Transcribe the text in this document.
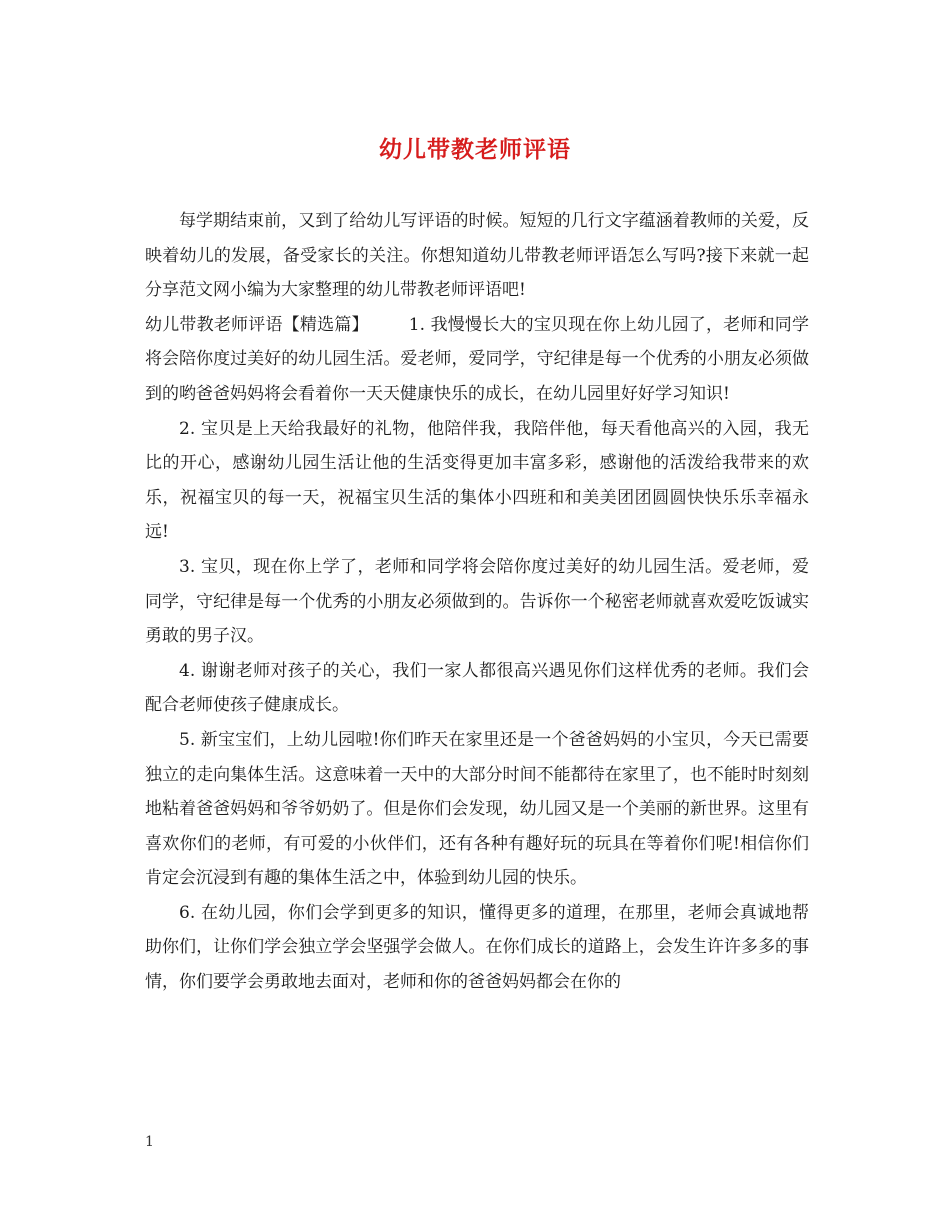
幼儿带教老师评语

每学期结束前，又到了给幼儿写评语的时候。短短的几行文字蕴涵着教师的关爱，反映着幼儿的发展，备受家长的关注。你想知道幼儿带教老师评语怎么写吗?接下来就一起分享范文网小编为大家整理的幼儿带教老师评语吧!

幼儿带教老师评语【精选篇】 1. 我慢慢长大的宝贝现在你上幼儿园了，老师和同学将会陪你度过美好的幼儿园生活。爱老师，爱同学，守纪律是每一个优秀的小朋友必须做到的哟爸爸妈妈将会看着你一天天健康快乐的成长，在幼儿园里好好学习知识!

2. 宝贝是上天给我最好的礼物，他陪伴我，我陪伴他，每天看他高兴的入园，我无比的开心，感谢幼儿园生活让他的生活变得更加丰富多彩，感谢他的活泼给我带来的欢乐，祝福宝贝的每一天，祝福宝贝生活的集体小四班和和美美团团圆圆快快乐乐幸福永远!

3. 宝贝，现在你上学了，老师和同学将会陪你度过美好的幼儿园生活。爱老师，爱同学，守纪律是每一个优秀的小朋友必须做到的。告诉你一个秘密老师就喜欢爱吃饭诚实勇敢的男子汉。

4. 谢谢老师对孩子的关心，我们一家人都很高兴遇见你们这样优秀的老师。我们会配合老师使孩子健康成长。

5. 新宝宝们，上幼儿园啦!你们昨天在家里还是一个爸爸妈妈的小宝贝，今天已需要独立的走向集体生活。这意味着一天中的大部分时间不能都待在家里了，也不能时时刻刻地粘着爸爸妈妈和爷爷奶奶了。但是你们会发现，幼儿园又是一个美丽的新世界。这里有喜欢你们的老师，有可爱的小伙伴们，还有各种有趣好玩的玩具在等着你们呢!相信你们肯定会沉浸到有趣的集体生活之中，体验到幼儿园的快乐。

6. 在幼儿园，你们会学到更多的知识，懂得更多的道理，在那里，老师会真诚地帮助你们，让你们学会独立学会坚强学会做人。在你们成长的道路上，会发生许许多多的事情，你们要学会勇敢地去面对，老师和你的爸爸妈妈都会在你的

1
